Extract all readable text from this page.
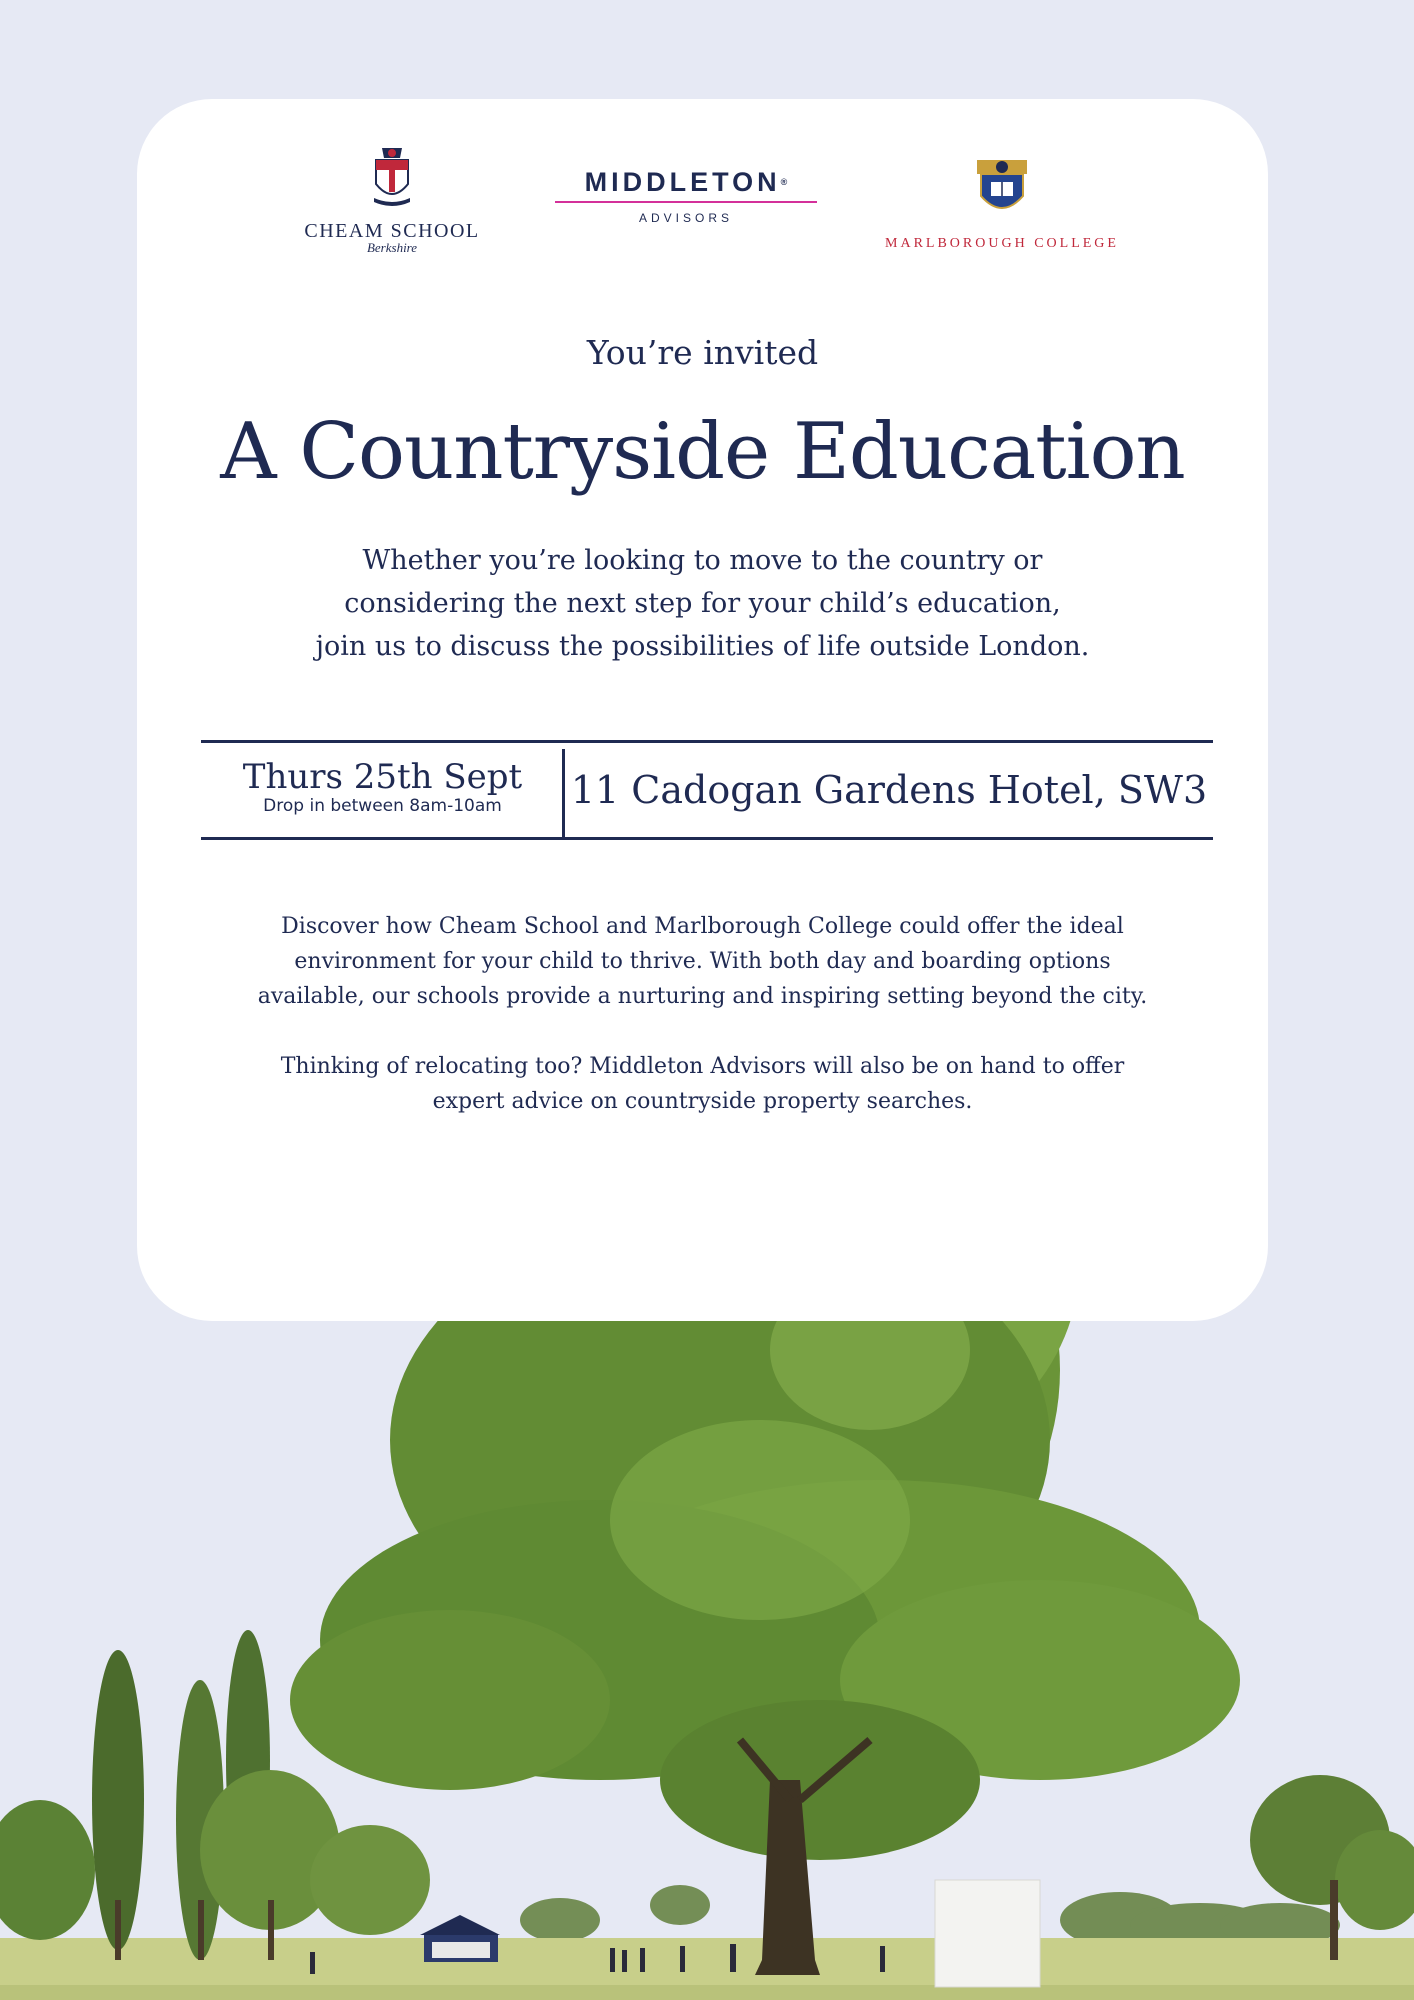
CHEAM SCHOOL
Berkshire
MIDDLETON®
ADVISORS
MARLBOROUGH COLLEGE
You’re invited
A Countryside Education
Whether you’re looking to move to the country or
considering the next step for your child’s education,
join us to discuss the possibilities of life outside London.
Thurs 25th Sept
Drop in between 8am-10am	11 Cadogan Gardens Hotel, SW3
Discover how Cheam School and Marlborough College could offer the ideal
environment for your child to thrive. With both day and boarding options
available, our schools provide a nurturing and inspiring setting beyond the city.
Thinking of relocating too? Middleton Advisors will also be on hand to offer
expert advice on countryside property searches.
